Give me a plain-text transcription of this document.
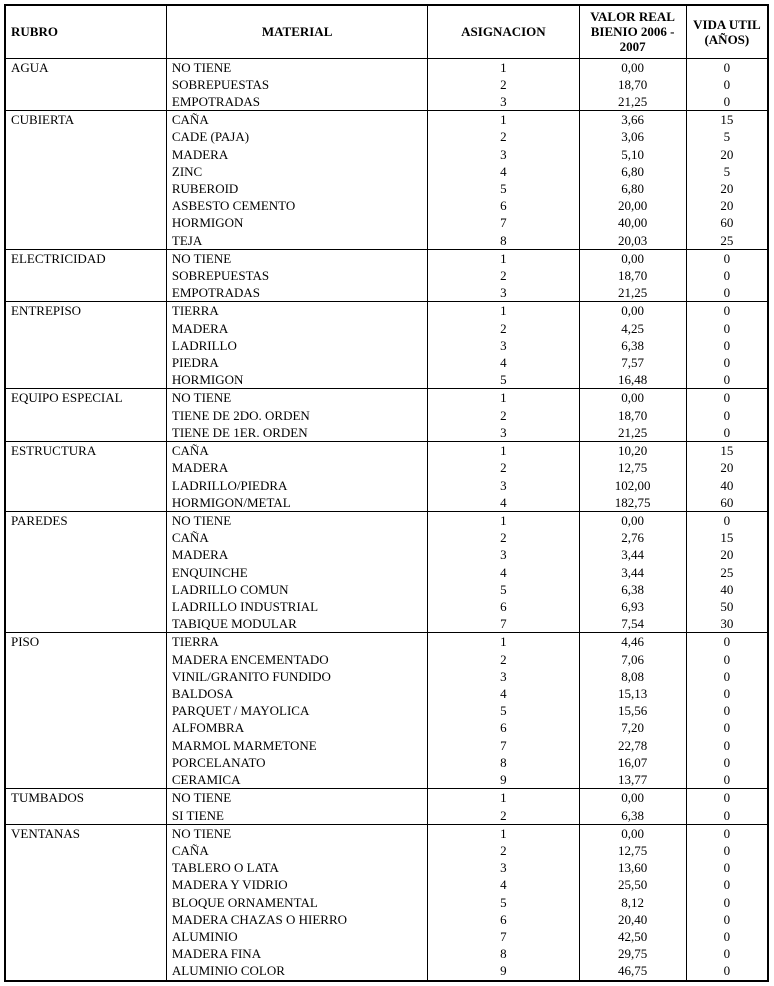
RUBRO	MATERIAL	ASIGNACION	VALOR REAL BIENIO 2006 - 2007	VIDA UTIL (AÑOS)
AGUA	NO TIENE	1	0,00	0
	SOBREPUESTAS	2	18,70	0
	EMPOTRADAS	3	21,25	0
CUBIERTA	CAÑA	1	3,66	15
	CADE (PAJA)	2	3,06	5
	MADERA	3	5,10	20
	ZINC	4	6,80	5
	RUBEROID	5	6,80	20
	ASBESTO CEMENTO	6	20,00	20
	HORMIGON	7	40,00	60
	TEJA	8	20,03	25
ELECTRICIDAD	NO TIENE	1	0,00	0
	SOBREPUESTAS	2	18,70	0
	EMPOTRADAS	3	21,25	0
ENTREPISO	TIERRA	1	0,00	0
	MADERA	2	4,25	0
	LADRILLO	3	6,38	0
	PIEDRA	4	7,57	0
	HORMIGON	5	16,48	0
EQUIPO ESPECIAL	NO TIENE	1	0,00	0
	TIENE DE 2DO. ORDEN	2	18,70	0
	TIENE DE 1ER. ORDEN	3	21,25	0
ESTRUCTURA	CAÑA	1	10,20	15
	MADERA	2	12,75	20
	LADRILLO/PIEDRA	3	102,00	40
	HORMIGON/METAL	4	182,75	60
PAREDES	NO TIENE	1	0,00	0
	CAÑA	2	2,76	15
	MADERA	3	3,44	20
	ENQUINCHE	4	3,44	25
	LADRILLO COMUN	5	6,38	40
	LADRILLO INDUSTRIAL	6	6,93	50
	TABIQUE MODULAR	7	7,54	30
PISO	TIERRA	1	4,46	0
	MADERA ENCEMENTADO	2	7,06	0
	VINIL/GRANITO FUNDIDO	3	8,08	0
	BALDOSA	4	15,13	0
	PARQUET / MAYOLICA	5	15,56	0
	ALFOMBRA	6	7,20	0
	MARMOL MARMETONE	7	22,78	0
	PORCELANATO	8	16,07	0
	CERAMICA	9	13,77	0
TUMBADOS	NO TIENE	1	0,00	0
	SI TIENE	2	6,38	0
VENTANAS	NO TIENE	1	0,00	0
	CAÑA	2	12,75	0
	TABLERO O LATA	3	13,60	0
	MADERA Y VIDRIO	4	25,50	0
	BLOQUE ORNAMENTAL	5	8,12	0
	MADERA CHAZAS O HIERRO	6	20,40	0
	ALUMINIO	7	42,50	0
	MADERA FINA	8	29,75	0
	ALUMINIO COLOR	9	46,75	0
